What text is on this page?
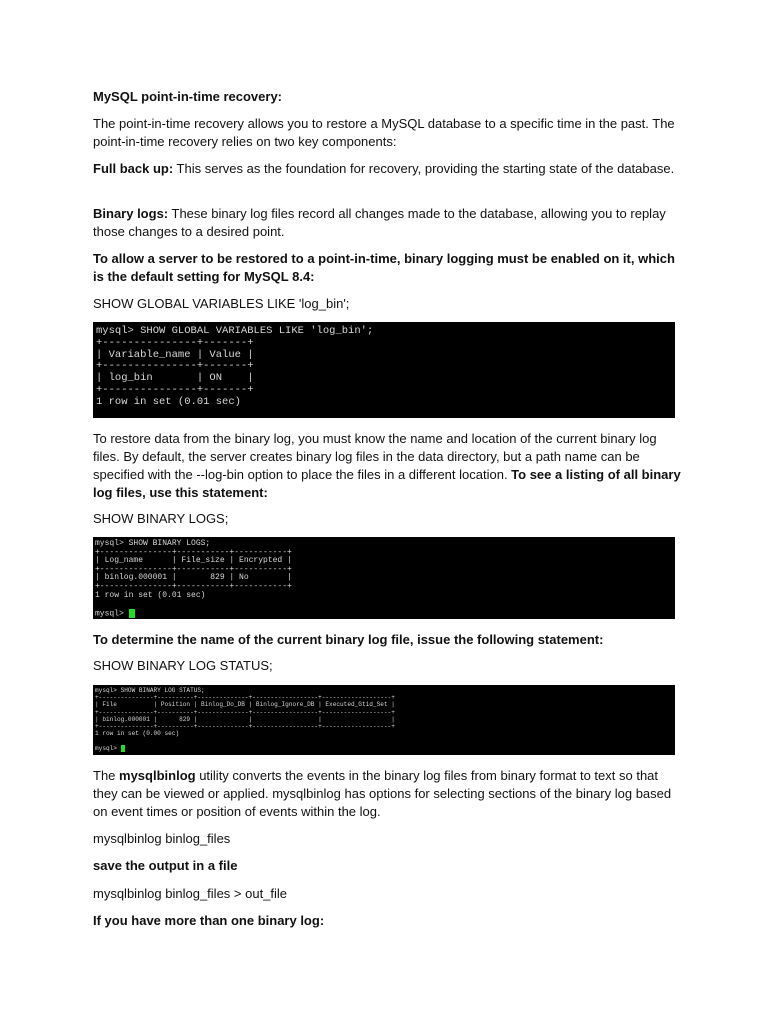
MySQL point-in-time recovery:

The point-in-time recovery allows you to restore a MySQL database to a specific time in the past. The point-in-time recovery relies on two key components:

Full back up: This serves as the foundation for recovery, providing the starting state of the database.

Binary logs: These binary log files record all changes made to the database, allowing you to replay those changes to a desired point.

To allow a server to be restored to a point-in-time, binary logging must be enabled on it, which is the default setting for MySQL 8.4:

SHOW GLOBAL VARIABLES LIKE 'log_bin';

mysql> SHOW GLOBAL VARIABLES LIKE 'log_bin';
+---------------+-------+
| Variable_name | Value |
+---------------+-------+
| log_bin       | ON    |
+---------------+-------+
1 row in set (0.01 sec)

To restore data from the binary log, you must know the name and location of the current binary log files. By default, the server creates binary log files in the data directory, but a path name can be specified with the --log-bin option to place the files in a different location. To see a listing of all binary log files, use this statement:

SHOW BINARY LOGS;

mysql> SHOW BINARY LOGS;
+---------------+-----------+-----------+
| Log_name      | File_size | Encrypted |
+---------------+-----------+-----------+
| binlog.000001 |       829 | No        |
+---------------+-----------+-----------+
1 row in set (0.01 sec)

mysql>

To determine the name of the current binary log file, issue the following statement:

SHOW BINARY LOG STATUS;

mysql> SHOW BINARY LOG STATUS;
+---------------+----------+--------------+------------------+-------------------+
| File          | Position | Binlog_Do_DB | Binlog_Ignore_DB | Executed_Gtid_Set |
+---------------+----------+--------------+------------------+-------------------+
| binlog.000001 |      829 |              |                  |                   |
+---------------+----------+--------------+------------------+-------------------+
1 row in set (0.00 sec)

mysql>

The mysqlbinlog utility converts the events in the binary log files from binary format to text so that they can be viewed or applied. mysqlbinlog has options for selecting sections of the binary log based on event times or position of events within the log.

mysqlbinlog binlog_files

save the output in a file

mysqlbinlog binlog_files > out_file

If you have more than one binary log:
